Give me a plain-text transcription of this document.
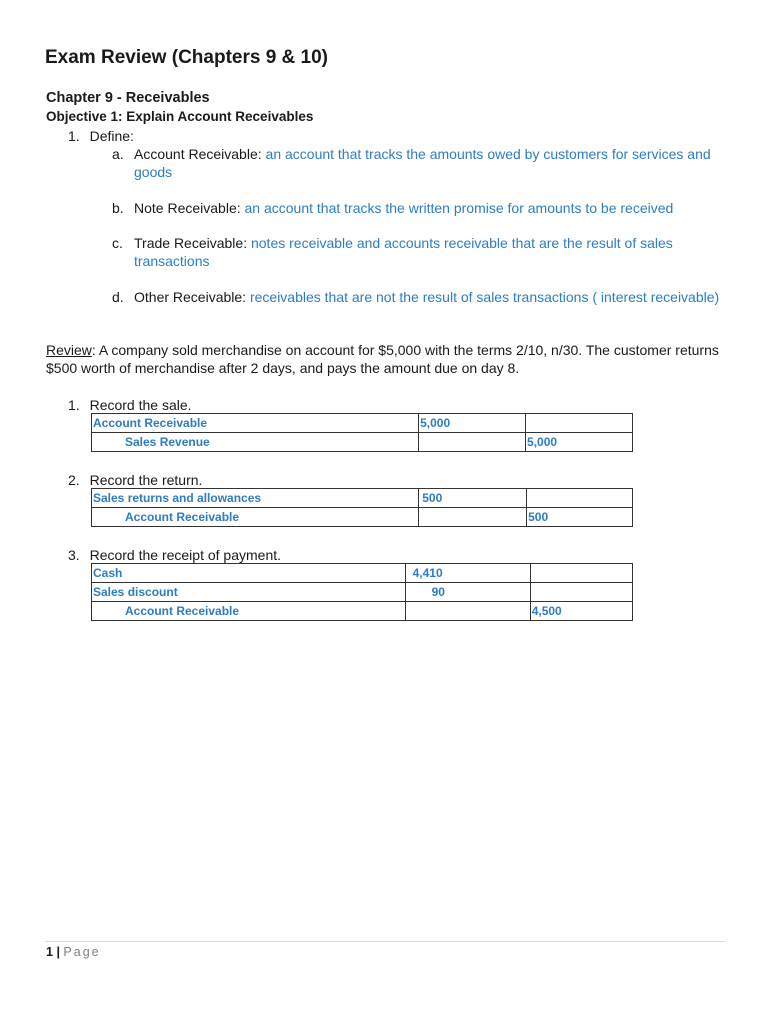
Exam Review (Chapters 9 & 10)
Chapter 9 - Receivables
Objective 1: Explain Account Receivables
1. Define:
a. Account Receivable: an account that tracks the amounts owed by customers for services and goods
b. Note Receivable: an account that tracks the written promise for amounts to be received
c. Trade Receivable: notes receivable and accounts receivable that are the result of sales transactions
d. Other Receivable: receivables that are not the result of sales transactions ( interest receivable)
Review: A company sold merchandise on account for $5,000 with the terms 2/10, n/30. The customer returns $500 worth of merchandise after 2 days, and pays the amount due on day 8.
1. Record the sale.
Account Receivable	5,000	
Sales Revenue		5,000
2. Record the return.
Sales returns and allowances	500	
Account Receivable		500
3. Record the receipt of payment.
Cash	4,410	
Sales discount	90	
Account Receivable		4,500
1 | Page
